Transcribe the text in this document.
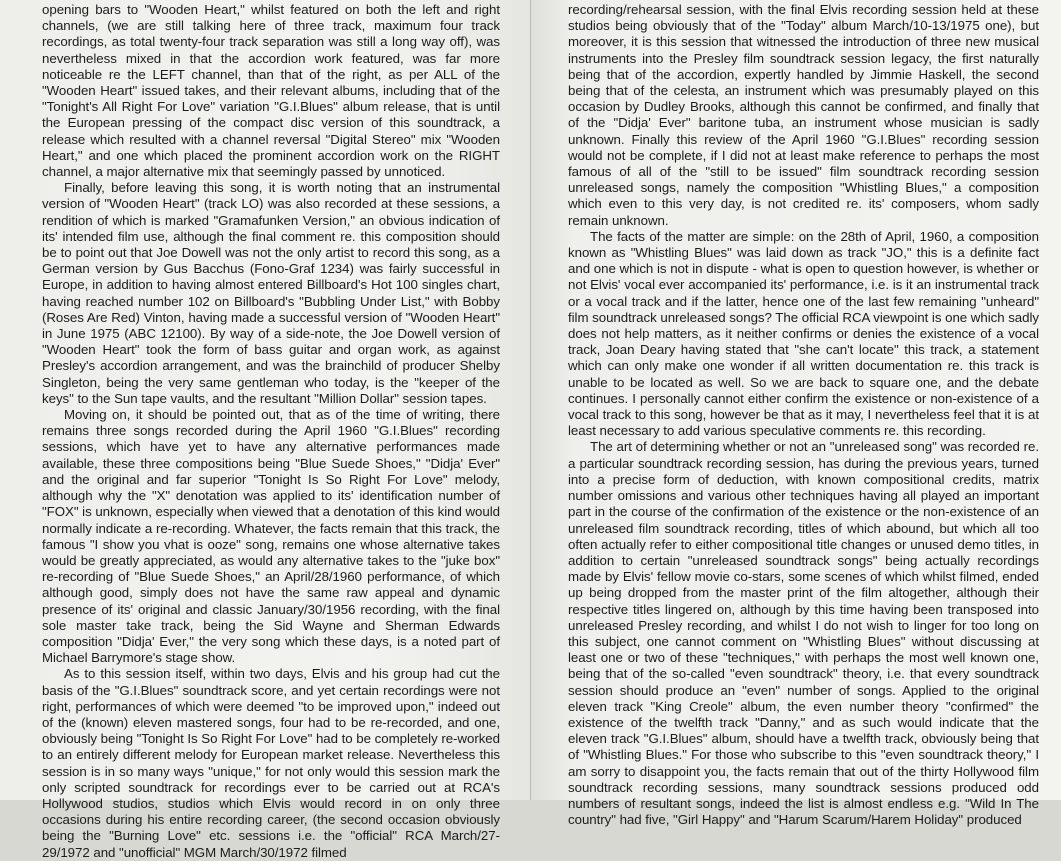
opening bars to "Wooden Heart," whilst featured on both the left and right channels, (we are still talking here of three track, maximum four track recordings, as total twenty-four track separation was still a long way off), was nevertheless mixed in that the accordion work featured, was far more noticeable re the LEFT channel, than that of the right, as per ALL of the "Wooden Heart" issued takes, and their relevant albums, including that of the "Tonight's All Right For Love" variation "G.I.Blues" album release, that is until the European pressing of the compact disc version of this soundtrack, a release which resulted with a channel reversal "Digital Stereo" mix "Wooden Heart," and one which placed the prominent accordion work on the RIGHT channel, a major alternative mix that seemingly passed by unnoticed.

Finally, before leaving this song, it is worth noting that an instrumental version of "Wooden Heart" (track LO) was also recorded at these sessions, a rendition of which is marked "Gramafunken Version," an obvious indication of its' intended film use, although the final comment re. this composition should be to point out that Joe Dowell was not the only artist to record this song, as a German version by Gus Bacchus (Fono-Graf 1234) was fairly successful in Europe, in addition to having almost entered Billboard's Hot 100 singles chart, having reached number 102 on Billboard's "Bubbling Under List," with Bobby (Roses Are Red) Vinton, having made a successful version of "Wooden Heart" in June 1975 (ABC 12100). By way of a side-note, the Joe Dowell version of "Wooden Heart" took the form of bass guitar and organ work, as against Presley's accordion arrangement, and was the brainchild of producer Shelby Singleton, being the very same gentleman who today, is the "keeper of the keys" to the Sun tape vaults, and the resultant "Million Dollar" session tapes.

Moving on, it should be pointed out, that as of the time of writing, there remains three songs recorded during the April 1960 "G.I.Blues" recording sessions, which have yet to have any alternative performances made available, these three compositions being "Blue Suede Shoes," "Didja' Ever" and the original and far superior "Tonight Is So Right For Love" melody, although why the "X" denotation was applied to its' identification number of "FOX" is unknown, especially when viewed that a denotation of this kind would normally indicate a re-recording. Whatever, the facts remain that this track, the famous "I show you vhat is ooze" song, remains one whose alternative takes would be greatly appreciated, as would any alternative takes to the "juke box" re-recording of "Blue Suede Shoes," an April/28/1960 performance, of which although good, simply does not have the same raw appeal and dynamic presence of its' original and classic January/30/1956 recording, with the final sole master take track, being the Sid Wayne and Sherman Edwards composition "Didja' Ever," the very song which these days, is a noted part of Michael Barrymore's stage show.

As to this session itself, within two days, Elvis and his group had cut the basis of the "G.I.Blues" soundtrack score, and yet certain recordings were not right, performances of which were deemed "to be improved upon," indeed out of the (known) eleven mastered songs, four had to be re-recorded, and one, obviously being "Tonight Is So Right For Love" had to be completely re-worked to an entirely different melody for European market release. Nevertheless this session is in so many ways "unique," for not only would this session mark the only scripted soundtrack for recordings ever to be carried out at RCA's Hollywood studios, studios which Elvis would record in on only three occasions during his entire recording career, (the second occasion obviously being the "Burning Love" etc. sessions i.e. the "official" RCA March/27-29/1972 and "unofficial" MGM March/30/1972 filmed

recording/rehearsal session, with the final Elvis recording session held at these studios being obviously that of the "Today" album March/10-13/1975 one), but moreover, it is this session that witnessed the introduction of three new musical instruments into the Presley film soundtrack session legacy, the first naturally being that of the accordion, expertly handled by Jimmie Haskell, the second being that of the celesta, an instrument which was presumably played on this occasion by Dudley Brooks, although this cannot be confirmed, and finally that of the "Didja' Ever" baritone tuba, an instrument whose musician is sadly unknown. Finally this review of the April 1960 "G.I.Blues" recording session would not be complete, if I did not at least make reference to perhaps the most famous of all of the "still to be issued" film soundtrack recording session unreleased songs, namely the composition "Whistling Blues," a composition which even to this very day, is not credited re. its' composers, whom sadly remain unknown.

The facts of the matter are simple: on the 28th of April, 1960, a composition known as "Whistling Blues" was laid down as track "JO," this is a definite fact and one which is not in dispute - what is open to question however, is whether or not Elvis' vocal ever accompanied its' performance, i.e. is it an instrumental track or a vocal track and if the latter, hence one of the last few remaining "unheard" film soundtrack unreleased songs? The official RCA viewpoint is one which sadly does not help matters, as it neither confirms or denies the existence of a vocal track, Joan Deary having stated that "she can't locate" this track, a statement which can only make one wonder if all written documentation re. this track is unable to be located as well. So we are back to square one, and the debate continues. I personally cannot either confirm the existence or non-existence of a vocal track to this song, however be that as it may, I nevertheless feel that it is at least necessary to add various speculative comments re. this recording.

The art of determining whether or not an "unreleased song" was recorded re. a particular soundtrack recording session, has during the previous years, turned into a precise form of deduction, with known compositional credits, matrix number omissions and various other techniques having all played an important part in the course of the confirmation of the existence or the non-existence of an unreleased film soundtrack recording, titles of which abound, but which all too often actually refer to either compositional title changes or unused demo titles, in addition to certain "unreleased soundtrack songs" being actually recordings made by Elvis' fellow movie co-stars, some scenes of which whilst filmed, ended up being dropped from the master print of the film altogether, although their respective titles lingered on, although by this time having been transposed into unreleased Presley recording, and whilst I do not wish to linger for too long on this subject, one cannot comment on "Whistling Blues" without discussing at least one or two of these "techniques," with perhaps the most well known one, being that of the so-called "even soundtrack" theory, i.e. that every soundtrack session should produce an "even" number of songs. Applied to the original eleven track "King Creole" album, the even number theory "confirmed" the existence of the twelfth track "Danny," and as such would indicate that the eleven track "G.I.Blues" album, should have a twelfth track, obviously being that of "Whistling Blues." For those who subscribe to this "even soundtrack theory," I am sorry to disappoint you, the facts remain that out of the thirty Hollywood film soundtrack recording sessions, many soundtrack sessions produced odd numbers of resultant songs, indeed the list is almost endless e.g. "Wild In The country" had five, "Girl Happy" and "Harum Scarum/Harem Holiday" produced
